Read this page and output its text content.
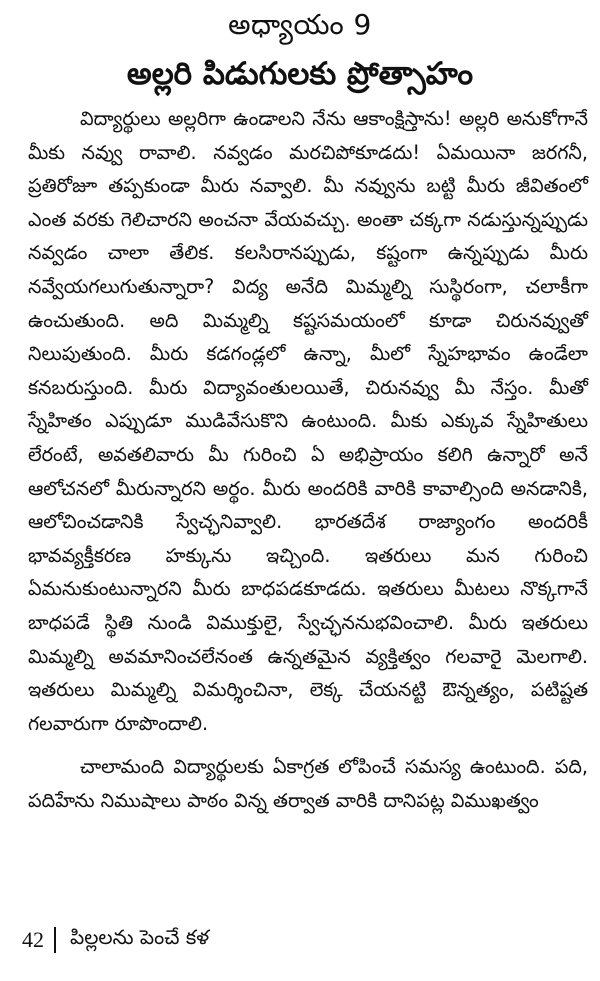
అధ్యాయం 9
అల్లరి పిడుగులకు ప్రోత్సాహం

విద్యార్థులు అల్లరిగా ఉండాలని నేను ఆకాంక్షిస్తాను! అల్లరి అనుకోగానే మీకు నవ్వు రావాలి. నవ్వడం మరచిపోకూడదు! ఏమయినా జరగనీ, ప్రతిరోజూ తప్పకుండా మీరు నవ్వాలి. మీ నవ్వును బట్టి మీరు జీవితంలో ఎంత వరకు గెలిచారని అంచనా వేయవచ్చు. అంతా చక్కగా నడుస్తున్నప్పుడు నవ్వడం చాలా తేలిక. కలసిరానప్పుడు, కష్టంగా ఉన్నప్పుడు మీరు నవ్వేయగలుగుతున్నారా? విద్య అనేది మిమ్మల్ని సుస్థిరంగా, చలాకీగా ఉంచుతుంది. అది మిమ్మల్ని కష్టసమయంలో కూడా చిరునవ్వుతో నిలుపుతుంది. మీరు కడగండ్లలో ఉన్నా, మీలో స్నేహభావం ఉండేలా కనబరుస్తుంది. మీరు విద్యావంతులయితే, చిరునవ్వు మీ నేస్తం. మీతో స్నేహితం ఎప్పుడూ ముడివేసుకొని ఉంటుంది. మీకు ఎక్కువ స్నేహితులు లేరంటే, అవతలివారు మీ గురించి ఏ అభిప్రాయం కలిగి ఉన్నారో అనే ఆలోచనలో మీరున్నారని అర్థం. మీరు అందరికి వారికి కావాల్సింది అనడానికి, ఆలోచించడానికి స్వేచ్ఛనివ్వాలి. భారతదేశ రాజ్యాంగం అందరికీ భావవ్యక్తీకరణ హక్కును ఇచ్చింది. ఇతరులు మన గురించి ఏమనుకుంటున్నారని మీరు బాధపడకూడదు. ఇతరులు మీటలు నొక్కగానే బాధపడే స్థితి నుండి విముక్తులై, స్వేచ్ఛననుభవించాలి. మీరు ఇతరులు మిమ్మల్ని అవమానించలేనంత ఉన్నతమైన వ్యక్తిత్వం గలవారై మెలగాలి. ఇతరులు మిమ్మల్ని విమర్శించినా, లెక్క చేయనట్టి ఔన్నత్యం, పటిష్టత గలవారుగా రూపొందాలి.

చాలామంది విద్యార్థులకు ఏకాగ్రత లోపించే సమస్య ఉంటుంది. పది, పదిహేను నిముషాలు పాఠం విన్న తర్వాత వారికి దానిపట్ల విముఖత్వం

42 పిల్లలను పెంచే కళ
